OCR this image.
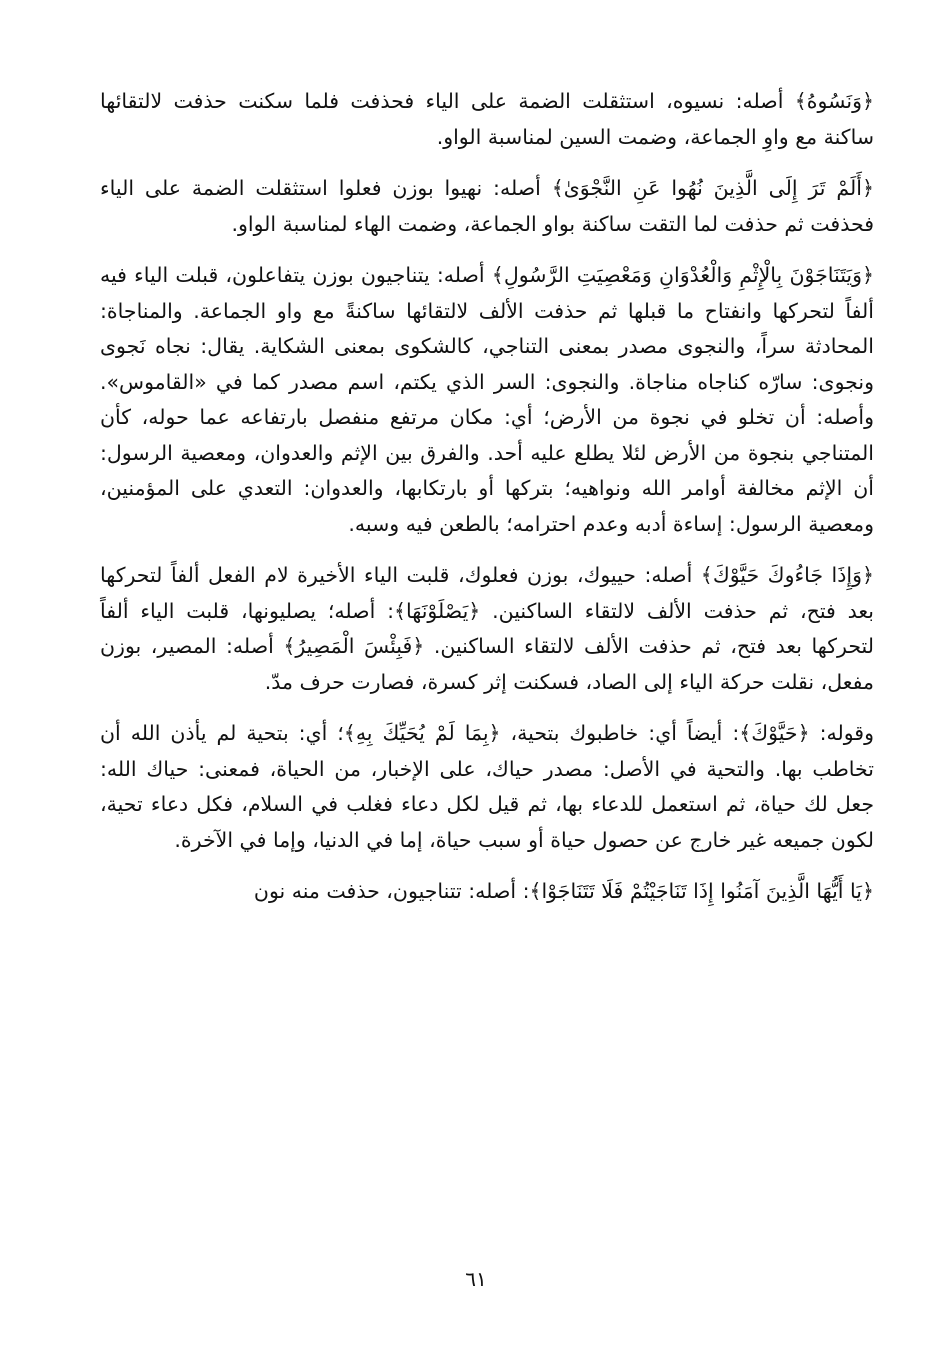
﴿وَنَسُوهُ﴾ أصله: نسيوه، استثقلت الضمة على الياء فحذفت فلما سكنت حذفت لالتقائها ساكنة مع واوِ الجماعة، وضمت السين لمناسبة الواو.

﴿أَلَمْ تَرَ إِلَى الَّذِينَ نُهُوا عَنِ النَّجْوَىٰ﴾ أصله: نهيوا بوزن فعلوا استثقلت الضمة على الياء فحذفت ثم حذفت لما التقت ساكنة بواو الجماعة، وضمت الهاء لمناسبة الواو.

﴿وَيَتَنَاجَوْنَ بِالْإِثْمِ وَالْعُدْوَانِ وَمَعْصِيَتِ الرَّسُولِ﴾ أصله: يتناجيون بوزن يتفاعلون، قبلت الياء فيه ألفاً لتحركها وانفتاح ما قبلها ثم حذفت الألف لالتقائها ساكنةً مع واو الجماعة. والمناجاة: المحادثة سراً، والنجوى مصدر بمعنى التناجي، كالشكوى بمعنى الشكاية. يقال: نجاه نَجوى ونجوى: سارّه كناجاه مناجاة. والنجوى: السر الذي يكتم، اسم مصدر كما في «القاموس». وأصله: أن تخلو في نجوة من الأرض؛ أي: مكان مرتفع منفصل بارتفاعه عما حوله، كأن المتناجي بنجوة من الأرض لئلا يطلع عليه أحد. والفرق بين الإثم والعدوان، ومعصية الرسول: أن الإثم مخالفة أوامر الله ونواهيه؛ بتركها أو بارتكابها، والعدوان: التعدي على المؤمنين، ومعصية الرسول: إساءة أدبه وعدم احترامه؛ بالطعن فيه وسبه.

﴿وَإِذَا جَاءُوكَ حَيَّوْكَ﴾ أصله: حييوك، بوزن فعلوك، قلبت الياء الأخيرة لام الفعل ألفاً لتحركها بعد فتح، ثم حذفت الألف لالتقاء الساكنين. ﴿يَصْلَوْنَهَا﴾: أصله؛ يصليونها، قلبت الياء ألفاً لتحركها بعد فتح، ثم حذفت الألف لالتقاء الساكنين. ﴿فَبِئْسَ الْمَصِيرُ﴾ أصله: المصير، بوزن مفعل، نقلت حركة الياء إلى الصاد، فسكنت إثر كسرة، فصارت حرف مدّ.

وقوله: ﴿حَيَّوْكَ﴾: أيضاً أي: خاطبوك بتحية، ﴿بِمَا لَمْ يُحَيِّكَ بِهِ﴾؛ أي: بتحية لم يأذن الله أن تخاطب بها. والتحية في الأصل: مصدر حياك، على الإخبار، من الحياة، فمعنى: حياك الله: جعل لك حياة، ثم استعمل للدعاء بها، ثم قيل لكل دعاء فغلب في السلام، فكل دعاء تحية، لكون جميعه غير خارج عن حصول حياة أو سبب حياة، إما في الدنيا، وإما في الآخرة.

﴿يَا أَيُّهَا الَّذِينَ آمَنُوا إِذَا تَنَاجَيْتُمْ فَلَا تَتَنَاجَوْا﴾: أصله: تتناجيون، حذفت منه نون

٦١
